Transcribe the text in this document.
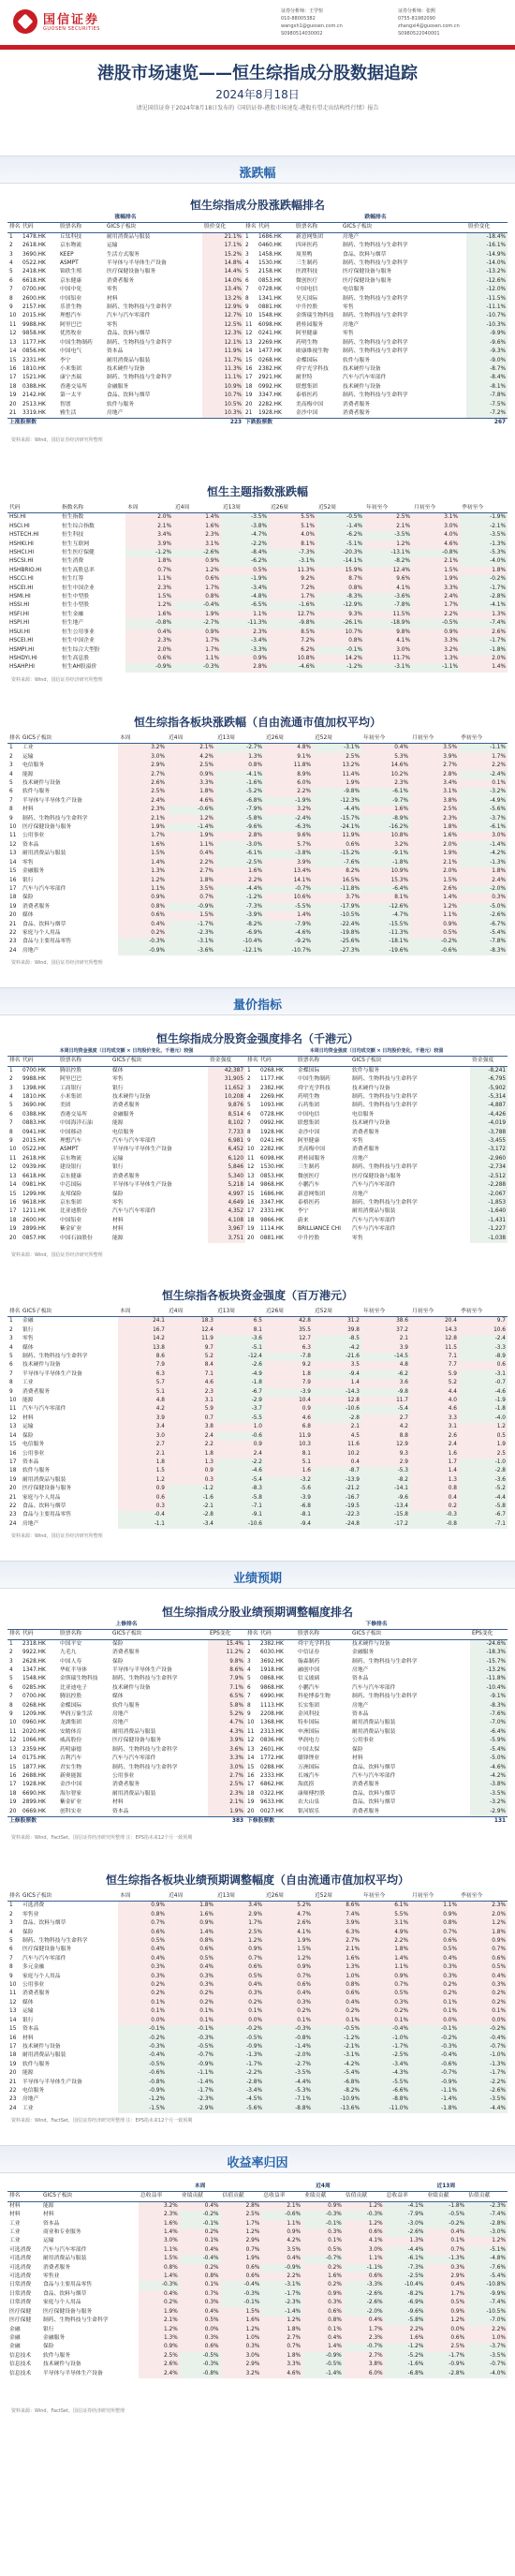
国信证券
GUOSEN SECURITIES
证券分析师：王学恒
010-88005382
wangxh1@guosen.com.cn
S0980514030002
证券分析师：张熙
0755-81982090
zhangxi4@guosen.com.cn
S0980522040001
港股市场速览——恒生综指成分股数据追踪
2024年8月18日
请见国信证券于2024年8月18日发布的《国信证券-港股市场速览-港股有望走出结构性行情》报告
涨跌幅
恒生综指成分股涨跌幅排名
涨幅排名					跌幅排名				
排名	代码	股票名称	GICS子板块	股价变化	排名	代码	股票名称	GICS子板块	股价变化
1	1478.HK	丘钛科技	耐用消费品与服装	21.1%	1	1686.HK	新意网集团	房地产	-18.4%
2	2618.HK	京东物流	运输	17.1%	2	0460.HK	四环医药	制药、生物科技与生命科学	-16.1%
3	3690.HK	KEEP	生活方式服务	15.2%	3	1458.HK	周黑鸭	食品、饮料与烟草	-14.9%
4	0522.HK	ASMPT	半导体与半导体生产设备	14.8%	4	1530.HK	三生制药	制药、生物科技与生命科学	-14.0%
5	2418.HK	锦欣生殖	医疗保健设备与服务	14.4%	5	2158.HK	医渡科技	医疗保健设备与服务	-13.2%
6	6618.HK	京东健康	消费者服务	14.0%	6	0853.HK	微创医疗	医疗保健设备与服务	-12.6%
7	0700.HK	中国中免	零售	13.4%	7	0728.HK	中国电信	电信服务	-12.0%
8	2600.HK	中国铝业	材料	13.2%	8	1341.HK	昊天国际	制药、生物科技与生命科学	-11.5%
9	2157.HK	乐普生物	制药、生物科技与生命科学	12.9%	9	0881.HK	中升控股	零售	-11.1%
10	2015.HK	理想汽车	汽车与汽车零部件	12.7%	10	1548.HK	金斯瑞生物科技	制药、生物科技与生命科学	-10.7%
11	9988.HK	阿里巴巴	零售	12.5%	11	6098.HK	碧桂园服务	房地产	-10.3%
12	9858.HK	优然牧业	食品、饮料与烟草	12.3%	12	0241.HK	阿里健康	零售	-9.9%
13	1177.HK	中国生物制药	制药、生物科技与生命科学	12.1%	13	2269.HK	药明生物	制药、生物科技与生命科学	-9.6%
14	0856.HK	中国电气	资本品	11.9%	14	1477.HK	欧康维视生物	制药、生物科技与生命科学	-9.3%
15	2331.HK	李宁	耐用消费品与服装	11.7%	15	0268.HK	金蝶国际	软件与服务	-9.0%
16	1810.HK	小米集团	技术硬件与设备	11.3%	16	2382.HK	舜宇光学科技	技术硬件与设备	-8.7%
17	1521.HK	康宁杰瑞	制药、生物科技与生命科学	11.1%	17	2921.HK	耐世特	汽车与汽车零部件	-8.4%
18	0388.HK	香港交易所	金融服务	10.9%	18	0992.HK	联想集团	技术硬件与设备	-8.1%
19	2142.HK	第一太平	食品、饮料与烟草	10.7%	19	3347.HK	泰格医药	制药、生物科技与生命科学	-7.8%
20	2513.HK	智谱	软件与服务	10.5%	20	2282.HK	美高梅中国	消费者服务	-7.5%
21	3319.HK	雅生活	房地产	10.3%	21	1928.HK	金沙中国	消费者服务	-7.2%
上涨股票数				223	下跌股票数				267
资料来源：Wind，国信证券经济研究所整理
恒生主题指数涨跌幅
代码	指数名称	本周	近4周	近13周	近26周	近52周	年初至今	月初至今	季初至今
HSI.HI	恒生指数	2.0%	1.4%	-3.5%	5.5%	-0.5%	2.5%	3.1%	-1.9%
HSCI.HI	恒生综合指数	2.1%	1.6%	-3.8%	5.1%	-1.4%	2.1%	3.0%	-2.1%
HSTECH.HI	恒生科技	3.4%	2.3%	-4.7%	4.0%	-6.2%	-3.5%	4.0%	-3.5%
HSHKI.HI	恒生互联网	3.9%	3.1%	-2.2%	8.1%	-5.1%	1.2%	4.6%	-1.3%
HSHCI.HI	恒生医疗保健	-1.2%	-2.6%	-8.4%	-7.3%	-20.3%	-13.1%	-0.8%	-5.3%
HSCSI.HI	恒生消费	1.8%	0.9%	-6.2%	-3.1%	-14.1%	-8.2%	2.1%	-4.0%
HSHBRIO.HI	恒生高股息率	0.7%	1.2%	0.5%	11.3%	15.9%	12.4%	1.5%	1.8%
HSCCI.HI	恒生红筹	1.1%	0.6%	-1.9%	9.2%	8.7%	9.6%	1.9%	-0.2%
HSCEI.HI	恒生中国企业	2.3%	1.7%	-3.4%	7.2%	0.8%	4.1%	3.3%	-1.7%
HSMI.HI	恒生中型股	1.5%	0.8%	-4.8%	1.7%	-8.3%	-3.6%	2.4%	-2.8%
HSSI.HI	恒生小型股	1.2%	-0.4%	-6.5%	-1.6%	-12.9%	-7.8%	1.7%	-4.1%
HSFI.HI	恒生金融	1.6%	1.9%	1.1%	12.7%	9.3%	11.5%	2.2%	1.3%
HSPI.HI	恒生地产	-0.8%	-2.7%	-11.3%	-9.8%	-26.1%	-18.9%	-0.5%	-7.4%
HSUI.HI	恒生公用事业	0.4%	0.9%	2.3%	8.5%	10.7%	9.8%	0.9%	2.6%
HSCEI.HI	恒生中国企业	2.3%	1.7%	-3.4%	7.2%	0.8%	4.1%	3.3%	-1.7%
HSMPI.HI	恒生综合大型股	2.0%	1.7%	-3.3%	6.2%	-0.1%	3.0%	3.2%	-1.8%
HSHDYI.HI	恒生高息股	0.6%	1.1%	0.9%	10.8%	14.2%	11.7%	1.3%	2.0%
HSAHP.HI	恒生AH股溢价	-0.9%	-0.3%	2.8%	-4.6%	-1.2%	-3.1%	-1.1%	1.4%
资料来源：Wind，国信证券经济研究所整理
恒生综指各板块涨跌幅（自由流通市值加权平均）
排名	GICS子板块	本周	近4周	近13周	近26周	近52周	年初至今	月初至今	季初至今
1	工业	3.2%	2.1%	-2.7%	4.8%	-3.1%	0.4%	3.5%	-1.1%
2	运输	3.0%	4.2%	1.3%	9.1%	2.5%	5.3%	3.9%	1.7%
3	电信服务	2.9%	2.5%	0.8%	11.8%	13.2%	14.6%	2.7%	2.2%
4	能源	2.7%	0.9%	-4.1%	8.9%	11.4%	10.2%	2.8%	-2.4%
5	技术硬件与设备	2.6%	3.3%	-1.6%	6.0%	1.9%	2.3%	3.4%	0.1%
6	软件与服务	2.5%	1.8%	-5.2%	2.2%	-9.8%	-6.1%	3.1%	-3.2%
7	半导体与半导体生产设备	2.4%	4.6%	-6.8%	-1.9%	-12.3%	-9.7%	3.8%	-4.9%
8	材料	2.3%	-0.6%	-7.9%	3.2%	-4.4%	1.6%	2.5%	-5.6%
9	制药、生物科技与生命科学	2.1%	1.2%	-5.8%	-2.4%	-15.7%	-8.9%	2.3%	-3.7%
10	医疗保健设备与服务	1.9%	-1.4%	-9.6%	-6.3%	-24.1%	-16.2%	1.8%	-6.1%
11	公用事业	1.7%	1.9%	2.8%	9.6%	11.9%	10.8%	1.6%	3.0%
12	资本品	1.6%	1.1%	-3.0%	5.7%	0.6%	3.2%	2.0%	-1.4%
13	耐用消费品与服装	1.5%	0.4%	-6.1%	-3.8%	-15.2%	-9.1%	1.9%	-4.2%
14	零售	1.4%	2.2%	-2.5%	3.9%	-7.6%	-1.8%	2.1%	-1.3%
15	金融服务	1.3%	2.7%	1.6%	13.4%	8.2%	10.9%	2.0%	1.8%
16	银行	1.2%	1.8%	2.2%	14.1%	16.5%	15.3%	1.5%	2.4%
17	汽车与汽车零部件	1.1%	3.5%	-4.4%	-0.7%	-11.8%	-6.4%	2.6%	-2.0%
18	保险	0.9%	0.7%	-1.2%	10.6%	3.7%	8.1%	1.4%	0.3%
19	消费者服务	0.8%	-0.9%	-7.3%	-5.5%	-17.9%	-12.6%	1.2%	-5.0%
20	媒体	0.6%	1.5%	-3.9%	1.4%	-10.5%	-4.7%	1.1%	-2.6%
21	食品、饮料与烟草	0.4%	-1.7%	-8.2%	-7.9%	-22.4%	-15.5%	0.9%	-6.7%
22	家庭与个人用品	0.2%	-2.3%	-6.9%	-4.6%	-19.8%	-11.3%	0.5%	-5.4%
23	食品与主要用品零售	-0.3%	-3.1%	-10.4%	-9.2%	-25.6%	-18.1%	-0.2%	-7.8%
24	房地产	-0.9%	-3.6%	-12.1%	-10.7%	-27.3%	-19.6%	-0.6%	-8.3%
资料来源：Wind，国信证券经济研究所整理
量价指标
恒生综指成分股资金强度排名（千港元）
本周日均资金强度（日均成交额 × 日均股价变化，千港元）较强					本周日均资金强度（日均成交额 × 日均股价变化，千港元）较弱				
排名	代码	股票名称	GICS子板块	资金强度	排名	代码	股票名称	GICS子板块	资金强度
1	0700.HK	腾讯控股	媒体	42,387	1	0268.HK	金蝶国际	软件与服务	-8,241
2	9988.HK	阿里巴巴	零售	31,905	2	1177.HK	中国生物制药	制药、生物科技与生命科学	-6,795
3	1398.HK	工商银行	银行	11,652	3	2382.HK	舜宇光学科技	技术硬件与设备	-5,902
4	1810.HK	小米集团	技术硬件与设备	10,208	4	2269.HK	药明生物	制药、生物科技与生命科学	-5,314
5	3690.HK	美团	消费者服务	9,876	5	1093.HK	石药集团	制药、生物科技与生命科学	-4,887
6	0388.HK	香港交易所	金融服务	8,514	6	0728.HK	中国电信	电信服务	-4,426
7	0883.HK	中国海洋石油	能源	8,102	7	0992.HK	联想集团	技术硬件与设备	-4,019
8	0941.HK	中国移动	电信服务	7,733	8	1928.HK	金沙中国	消费者服务	-3,788
9	2015.HK	理想汽车	汽车与汽车零部件	6,981	9	0241.HK	阿里健康	零售	-3,455
10	0522.HK	ASMPT	半导体与半导体生产设备	6,452	10	2282.HK	美高梅中国	消费者服务	-3,172
11	2618.HK	京东物流	运输	6,120	11	6098.HK	碧桂园服务	房地产	-2,960
12	0939.HK	建设银行	银行	5,846	12	1530.HK	三生制药	制药、生物科技与生命科学	-2,734
13	6618.HK	京东健康	消费者服务	5,340	13	0853.HK	微创医疗	医疗保健设备与服务	-2,512
14	0981.HK	中芯国际	半导体与半导体生产设备	5,218	14	9868.HK	小鹏汽车	汽车与汽车零部件	-2,288
15	1299.HK	友邦保险	保险	4,997	15	1686.HK	新意网集团	房地产	-2,067
16	9618.HK	京东集团	零售	4,649	16	3347.HK	泰格医药	制药、生物科技与生命科学	-1,853
17	1211.HK	比亚迪股份	汽车与汽车零部件	4,352	17	2331.HK	李宁	耐用消费品与服装	-1,640
18	2600.HK	中国铝业	材料	4,108	18	9866.HK	蔚来	汽车与汽车零部件	-1,431
19	2899.HK	紫金矿业	材料	3,967	19	1114.HK	BRILLIANCE CHI	汽车与汽车零部件	-1,227
20	0857.HK	中国石油股份	能源	3,751	20	0881.HK	中升控股	零售	-1,038
资料来源：Wind，国信证券经济研究所整理
恒生综指各板块资金强度（百万港元）
排名	GICS子板块	本周	近4周	近13周	近26周	近52周	年初至今	月初至今	季初至今
1	金融	24.1	18.3	6.5	42.8	31.2	38.6	20.4	9.7
2	银行	16.7	12.4	8.1	35.5	39.8	37.2	14.3	10.6
3	零售	14.2	11.9	-3.6	12.7	-8.5	2.1	12.8	-2.4
4	媒体	13.8	9.7	-5.1	6.3	-4.2	3.9	11.5	-3.3
5	制药、生物科技与生命科学	8.6	5.2	-12.4	-7.8	-21.6	-14.5	7.1	-8.9
6	技术硬件与设备	7.9	8.4	-2.6	9.2	3.5	4.8	7.7	0.6
7	半导体与半导体生产设备	6.3	7.1	-4.9	1.8	-9.4	-6.2	5.9	-3.1
8	工业	5.7	4.6	-1.8	7.9	1.4	3.6	5.2	-0.7
9	消费者服务	5.1	2.3	-6.7	-3.9	-14.3	-9.8	4.4	-4.6
10	能源	4.8	3.1	-2.9	10.4	12.8	11.7	4.0	-1.9
11	汽车与汽车零部件	4.2	5.9	-3.7	0.9	-10.6	-5.4	4.6	-1.8
12	材料	3.9	0.7	-5.5	4.6	-2.8	2.7	3.3	-4.0
13	运输	3.4	3.8	1.0	6.8	2.1	4.2	3.1	1.2
14	保险	3.0	2.4	-0.6	11.9	4.5	8.8	2.6	0.5
15	电信服务	2.7	2.2	0.9	10.3	11.6	12.9	2.4	1.9
16	公用事业	2.1	1.8	2.4	8.1	10.2	9.3	1.6	2.5
17	资本品	1.8	1.3	-2.2	5.1	0.4	2.9	1.7	-1.0
18	软件与服务	1.5	0.9	-4.6	1.6	-8.7	-5.3	1.4	-2.8
19	耐用消费品与服装	1.2	0.3	-5.4	-3.2	-13.9	-8.2	1.3	-3.6
20	医疗保健设备与服务	0.9	-1.2	-8.3	-5.6	-21.2	-14.1	0.8	-5.2
21	家庭与个人用品	0.6	-1.6	-5.8	-3.9	-16.7	-9.6	0.4	-4.4
22	食品、饮料与烟草	0.3	-2.1	-7.1	-6.8	-19.5	-13.4	0.2	-5.8
23	食品与主要用品零售	-0.4	-2.8	-9.1	-8.1	-22.3	-15.8	-0.3	-6.7
24	房地产	-1.1	-3.4	-10.6	-9.4	-24.8	-17.2	-0.8	-7.1
资料来源：Wind，国信证券经济研究所整理
业绩预期
恒生综指成分股业绩预期调整幅度排名
上修排名					下修排名				
排名	代码	股票名称	GICS子板块	EPS变化	排名	代码	股票名称	GICS子板块	EPS变化
1	2318.HK	中国平安	保险	15.4%	1	2382.HK	舜宇光学科技	技术硬件与设备	-24.6%
2	9922.HK	九毛九	消费者服务	11.2%	2	6030.HK	中信证券	金融服务	-18.3%
3	2628.HK	中国人寿	保险	9.8%	3	3692.HK	翰森制药	制药、生物科技与生命科学	-15.7%
4	1347.HK	华虹半导体	半导体与半导体生产设备	8.6%	4	1918.HK	融创中国	房地产	-13.2%
5	1548.HK	金斯瑞生物科技	制药、生物科技与生命科学	7.9%	5	0868.HK	信义玻璃	资本品	-11.8%
6	0285.HK	比亚迪电子	技术硬件与设备	7.1%	6	9868.HK	小鹏汽车	汽车与汽车零部件	-10.4%
7	0700.HK	腾讯控股	媒体	6.5%	7	6990.HK	科伦博泰生物	制药、生物科技与生命科学	-9.1%
8	0268.HK	金蝶国际	软件与服务	5.8%	8	1113.HK	长实集团	房地产	-8.3%
9	1209.HK	华润万象生活	房地产	5.2%	9	2208.HK	金风科技	资本品	-7.6%
10	0960.HK	龙湖集团	房地产	4.7%	10	1368.HK	特步国际	耐用消费品与服装	-7.0%
11	2020.HK	安踏体育	耐用消费品与服装	4.3%	11	2313.HK	申洲国际	耐用消费品与服装	-6.4%
12	1066.HK	威高股份	医疗保健设备与服务	3.9%	12	0836.HK	华润电力	公用事业	-5.9%
13	2359.HK	药明康德	制药、生物科技与生命科学	3.6%	13	2601.HK	中国太保	保险	-5.4%
14	0175.HK	吉利汽车	汽车与汽车零部件	3.3%	14	1772.HK	赣锋锂业	材料	-5.0%
15	1877.HK	君实生物	制药、生物科技与生命科学	3.0%	15	0288.HK	万洲国际	食品、饮料与烟草	-4.6%
16	2688.HK	新奥能源	公用事业	2.7%	16	2333.HK	长城汽车	汽车与汽车零部件	-4.2%
17	1928.HK	金沙中国	消费者服务	2.5%	17	6862.HK	海底捞	消费者服务	-3.8%
18	6690.HK	海尔智家	耐用消费品与服装	2.3%	18	0322.HK	康师傅控股	食品、饮料与烟草	-3.5%
19	2899.HK	紫金矿业	材料	2.1%	19	9633.HK	农夫山泉	食品、饮料与烟草	-3.2%
20	0669.HK	创科实业	资本品	1.9%	20	0027.HK	银河娱乐	消费者服务	-2.9%
上修股票数				383	下修股票数				131
资料来源：Wind，FactSet，国信证券经济研究所整理 注：EPS指未来12个月一致预期
恒生综指各板块业绩预期调整幅度（自由流通市值加权平均）
排名	GICS子板块	本周	近4周	近13周	近26周	近52周	年初至今	月初至今	季初至今
1	可选消费	0.9%	1.8%	3.4%	5.2%	8.6%	6.1%	1.1%	2.3%
2	零售业	0.8%	1.6%	2.9%	4.7%	7.4%	5.5%	0.9%	2.0%
3	食品、饮料与烟草	0.7%	0.9%	1.7%	2.6%	3.9%	3.1%	0.8%	1.2%
4	保险	0.6%	1.4%	2.5%	4.1%	6.3%	4.9%	0.7%	1.8%
5	制药、生物科技与生命科学	0.5%	0.8%	1.2%	1.9%	2.7%	2.2%	0.6%	0.9%
6	医疗保健设备与服务	0.4%	0.6%	0.9%	1.5%	2.1%	1.8%	0.5%	0.7%
7	汽车与汽车零部件	0.4%	0.5%	0.7%	1.2%	1.6%	1.4%	0.4%	0.6%
8	多元金融	0.3%	0.4%	0.6%	0.9%	1.3%	1.1%	0.3%	0.5%
9	家庭与个人用品	0.3%	0.3%	0.5%	0.7%	1.0%	0.9%	0.3%	0.4%
10	公用事业	0.2%	0.3%	0.4%	0.6%	0.8%	0.7%	0.2%	0.3%
11	消费者服务	0.2%	0.2%	0.3%	0.4%	0.6%	0.5%	0.2%	0.2%
12	媒体	0.1%	0.2%	0.2%	0.3%	0.4%	0.3%	0.1%	0.2%
13	运输	0.1%	0.1%	0.1%	0.2%	0.2%	0.2%	0.1%	0.1%
14	银行	0.0%	0.1%	0.0%	0.1%	0.1%	0.1%	0.0%	0.0%
15	资本品	-0.1%	-0.1%	-0.2%	-0.3%	-0.5%	-0.4%	-0.1%	-0.2%
16	材料	-0.2%	-0.3%	-0.5%	-0.8%	-1.2%	-1.0%	-0.2%	-0.4%
17	技术硬件与设备	-0.3%	-0.5%	-0.9%	-1.4%	-2.1%	-1.7%	-0.3%	-0.7%
18	耐用消费品与服装	-0.4%	-0.7%	-1.3%	-2.0%	-3.1%	-2.5%	-0.4%	-1.0%
19	软件与服务	-0.5%	-0.9%	-1.7%	-2.7%	-4.2%	-3.4%	-0.6%	-1.3%
20	能源	-0.6%	-1.1%	-2.2%	-3.5%	-5.4%	-4.3%	-0.7%	-1.7%
21	半导体与半导体生产设备	-0.8%	-1.4%	-2.8%	-4.4%	-6.8%	-5.5%	-0.9%	-2.2%
22	电信服务	-0.9%	-1.7%	-3.4%	-5.3%	-8.2%	-6.6%	-1.1%	-2.6%
23	房地产	-1.2%	-2.3%	-4.5%	-7.1%	-10.9%	-8.8%	-1.4%	-3.5%
24	工业	-1.5%	-2.9%	-5.6%	-8.8%	-13.6%	-11.0%	-1.8%	-4.4%
资料来源：Wind，FactSet，国信证券经济研究所整理 注：EPS指未来12个月一致预期
收益率归因
		本周			近4周			近13周		
排名	GICS子板块	总收益率	业绩贡献	估值贡献	总收益率	业绩贡献	估值贡献	总收益率	业绩贡献	估值贡献
材料	能源	3.2%	0.4%	2.8%	2.1%	0.9%	1.2%	-4.1%	-1.8%	-2.3%
材料	材料	2.3%	-0.2%	2.5%	-0.6%	-0.3%	-0.3%	-7.9%	-0.5%	-7.4%
工业	资本品	1.6%	-0.1%	1.7%	1.1%	-0.1%	1.2%	-3.0%	-0.2%	-2.8%
工业	商业和专业服务	1.4%	0.2%	1.2%	0.9%	0.3%	0.6%	-2.6%	0.4%	-3.0%
工业	运输	3.0%	0.1%	2.9%	4.2%	0.1%	4.1%	1.3%	0.1%	1.2%
可选消费	汽车与汽车零部件	1.1%	0.4%	0.7%	3.5%	0.5%	3.0%	-4.4%	0.7%	-5.1%
可选消费	耐用消费品与服装	1.5%	-0.4%	1.9%	0.4%	-0.7%	1.1%	-6.1%	-1.3%	-4.8%
可选消费	消费者服务	0.8%	0.2%	0.6%	-0.9%	0.2%	-1.1%	-7.3%	0.3%	-7.6%
可选消费	零售业	1.4%	0.8%	0.6%	2.2%	1.6%	0.6%	-2.5%	2.9%	-5.4%
日常消费	食品与主要用品零售	-0.3%	0.1%	-0.4%	-3.1%	0.2%	-3.3%	-10.4%	0.4%	-10.8%
日常消费	食品、饮料与烟草	0.4%	0.7%	-0.3%	-1.7%	0.9%	-2.6%	-8.2%	1.7%	-9.9%
日常消费	家庭与个人用品	0.2%	0.3%	-0.1%	-2.3%	0.3%	-2.6%	-6.9%	0.5%	-7.4%
医疗保健	医疗保健设备与服务	1.9%	0.4%	1.5%	-1.4%	0.6%	-2.0%	-9.6%	0.9%	-10.5%
医疗保健	制药、生物科技与生命科学	2.1%	0.5%	1.6%	1.2%	0.8%	0.4%	-5.8%	1.2%	-7.0%
金融	银行	1.2%	0.0%	1.2%	1.8%	0.1%	1.7%	2.2%	0.0%	2.2%
金融	金融服务	1.3%	0.3%	1.0%	2.7%	0.4%	2.3%	1.6%	0.6%	1.0%
金融	保险	0.9%	0.6%	0.3%	0.7%	1.4%	-0.7%	-1.2%	2.5%	-3.7%
信息技术	软件与服务	2.5%	-0.5%	3.0%	1.8%	-0.9%	2.7%	-5.2%	-1.7%	-3.5%
信息技术	技术硬件与设备	2.6%	-0.3%	2.9%	3.3%	-0.5%	3.8%	-1.6%	-0.9%	-0.7%
信息技术	半导体与半导体生产设备	2.4%	-0.8%	3.2%	4.6%	-1.4%	6.0%	-6.8%	-2.8%	-4.0%
资料来源：Wind，FactSet，国信证券经济研究所整理
